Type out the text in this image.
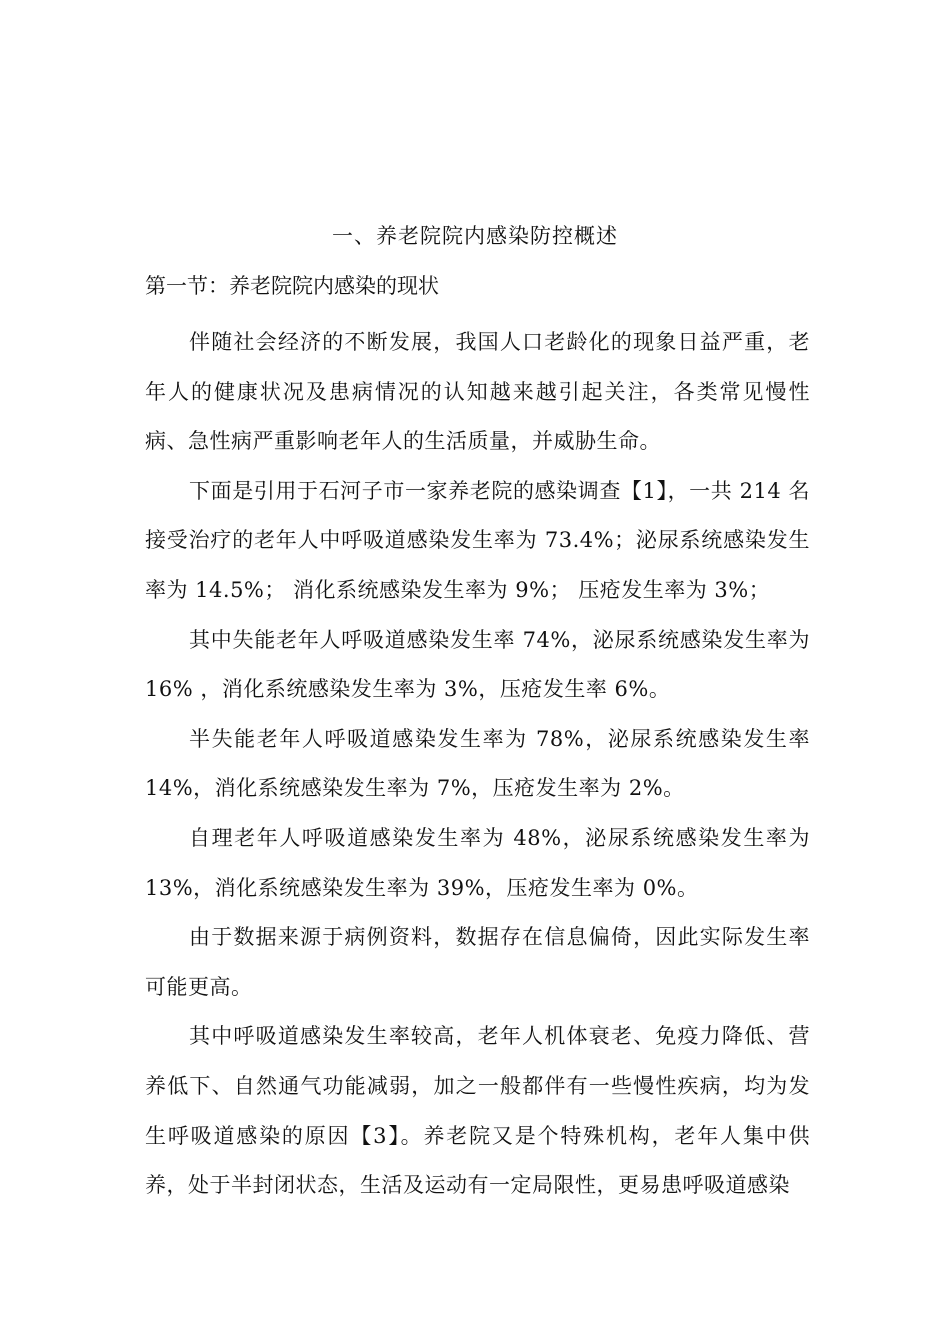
一、养老院院内感染防控概述
第一节：养老院院内感染的现状

伴随社会经济的不断发展，我国人口老龄化的现象日益严重，老年人的健康状况及患病情况的认知越来越引起关注，各类常见慢性病、急性病严重影响老年人的生活质量，并威胁生命。

下面是引用于石河子市一家养老院的感染调查【1】，一共 214 名接受治疗的老年人中呼吸道感染发生率为 73.4%；泌尿系统感染发生率为 14.5%； 消化系统感染发生率为 9%； 压疮发生率为 3%；

其中失能老年人呼吸道感染发生率 74%，泌尿系统感染发生率为 16% ，消化系统感染发生率为 3%，压疮发生率 6%。

半失能老年人呼吸道感染发生率为 78%，泌尿系统感染发生率14%，消化系统感染发生率为 7%，压疮发生率为 2%。

自理老年人呼吸道感染发生率为 48%，泌尿系统感染发生率为13%，消化系统感染发生率为 39%，压疮发生率为 0%。

由于数据来源于病例资料，数据存在信息偏倚，因此实际发生率可能更高。

其中呼吸道感染发生率较高，老年人机体衰老、免疫力降低、营养低下、自然通气功能减弱，加之一般都伴有一些慢性疾病，均为发生呼吸道感染的原因【3】。养老院又是个特殊机构，老年人集中供养，处于半封闭状态，生活及运动有一定局限性，更易患呼吸道感染
